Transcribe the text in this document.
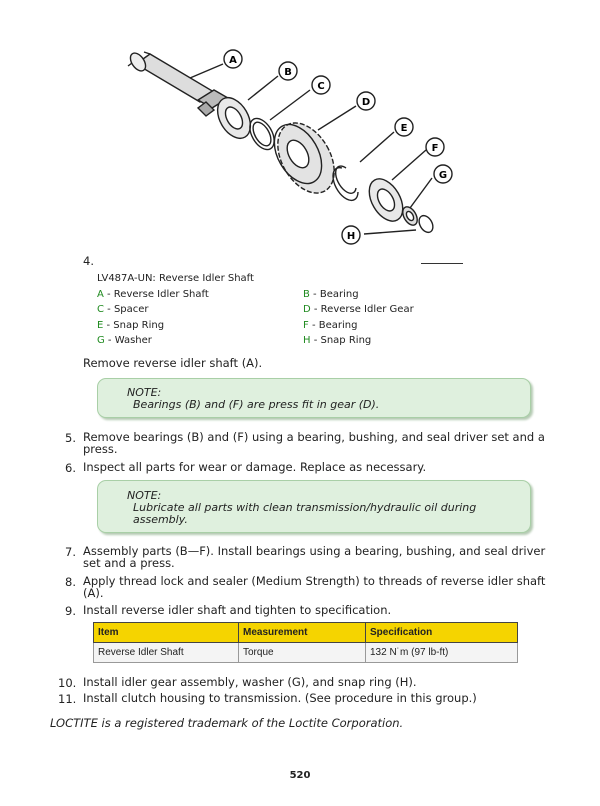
A
B
C
D
E
F
G
H
4.
LV487A-UN: Reverse Idler Shaft
A - Reverse Idler Shaft	B - Bearing
C - Spacer	D - Reverse Idler Gear
E - Snap Ring	F - Bearing
G - Washer	H - Snap Ring
Remove reverse idler shaft (A).
NOTE:
Bearings (B) and (F) are press fit in gear (D).
5. Remove bearings (B) and (F) using a bearing, bushing, and seal driver set and a
press.
6. Inspect all parts for wear or damage. Replace as necessary.
NOTE:
Lubricate all parts with clean transmission/hydraulic oil during
assembly.
7. Assembly parts (B—F). Install bearings using a bearing, bushing, and seal driver
set and a press.
8. Apply thread lock and sealer (Medium Strength) to threads of reverse idler shaft
(A).
9. Install reverse idler shaft and tighten to specification.
Item	Measurement	Specification
Reverse Idler Shaft	Torque	132 N˙m (97 lb-ft)
10. Install idler gear assembly, washer (G), and snap ring (H).
11. Install clutch housing to transmission. (See procedure in this group.)
LOCTITE is a registered trademark of the Loctite Corporation.
520
